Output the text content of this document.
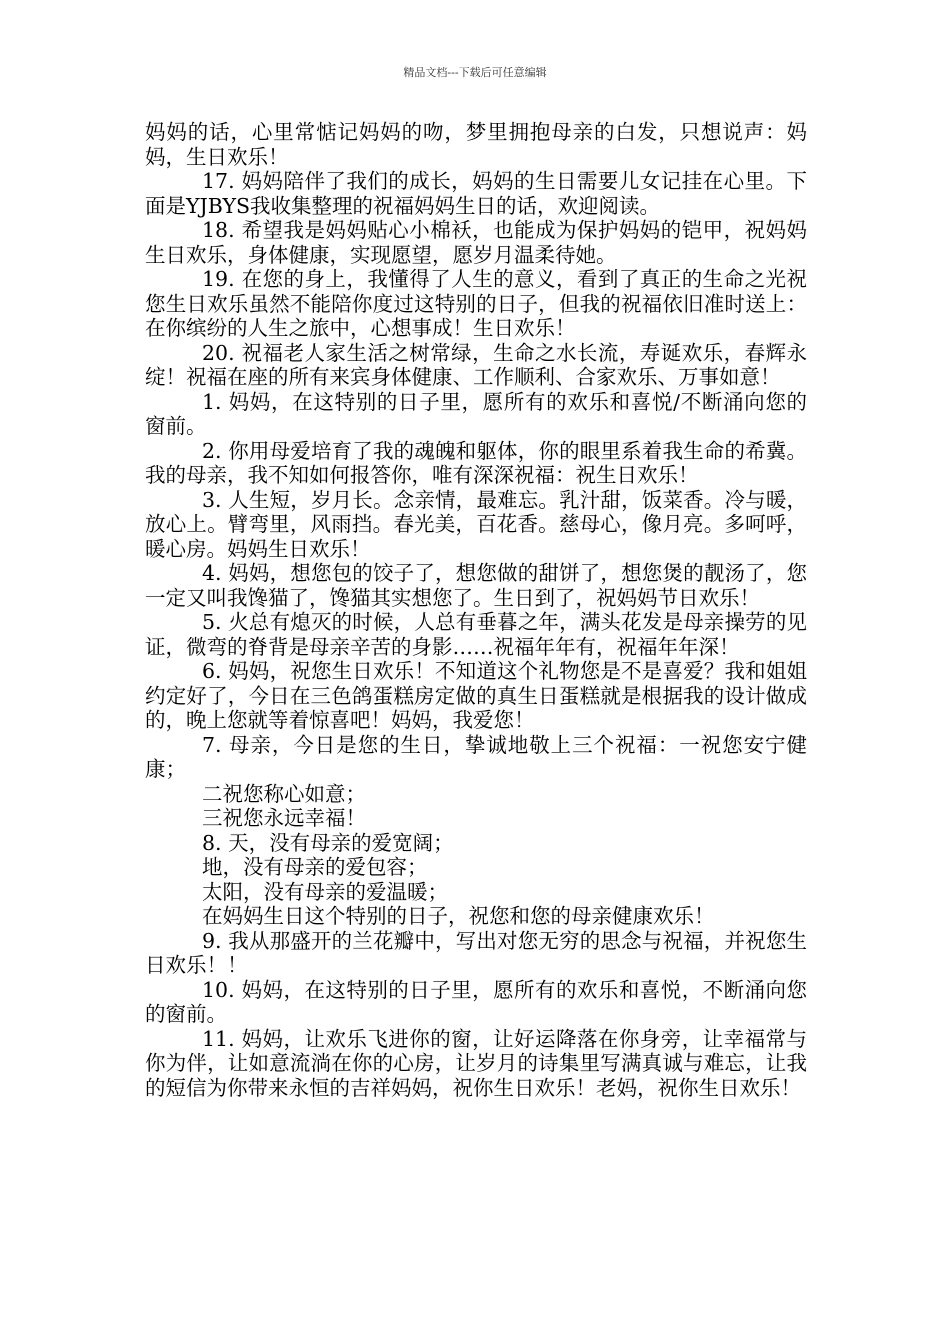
精品文档---下载后可任意编辑

妈妈的话，心里常惦记妈妈的吻，梦里拥抱母亲的白发，只想说声：妈妈，生日欢乐！

17. 妈妈陪伴了我们的成长，妈妈的生日需要儿女记挂在心里。下面是YJBYS我收集整理的祝福妈妈生日的话，欢迎阅读。

18. 希望我是妈妈贴心小棉袄，也能成为保护妈妈的铠甲，祝妈妈生日欢乐，身体健康，实现愿望，愿岁月温柔待她。

19. 在您的身上，我懂得了人生的意义，看到了真正的生命之光祝您生日欢乐虽然不能陪你度过这特别的日子，但我的祝福依旧准时送上：在你缤纷的人生之旅中，心想事成！生日欢乐！

20. 祝福老人家生活之树常绿，生命之水长流，寿诞欢乐，春辉永绽！祝福在座的所有来宾身体健康、工作顺利、合家欢乐、万事如意！

1. 妈妈，在这特别的日子里，愿所有的欢乐和喜悦/不断涌向您的窗前。

2. 你用母爱培育了我的魂魄和躯体，你的眼里系着我生命的希冀。我的母亲，我不知如何报答你，唯有深深祝福：祝生日欢乐！

3. 人生短，岁月长。念亲情，最难忘。乳汁甜，饭菜香。冷与暖，放心上。臂弯里，风雨挡。春光美，百花香。慈母心，像月亮。多呵呼，暖心房。妈妈生日欢乐！

4. 妈妈，想您包的饺子了，想您做的甜饼了，想您煲的靓汤了，您一定又叫我馋猫了，馋猫其实想您了。生日到了，祝妈妈节日欢乐！

5. 火总有熄灭的时候，人总有垂暮之年，满头花发是母亲操劳的见证，微弯的脊背是母亲辛苦的身影……祝福年年有，祝福年年深！

6. 妈妈，祝您生日欢乐！不知道这个礼物您是不是喜爱？我和姐姐约定好了，今日在三色鸽蛋糕房定做的真生日蛋糕就是根据我的设计做成的，晚上您就等着惊喜吧！妈妈，我爱您！

7. 母亲，今日是您的生日，挚诚地敬上三个祝福：一祝您安宁健康；

二祝您称心如意；

三祝您永远幸福！

8. 天，没有母亲的爱宽阔；

地，没有母亲的爱包容；

太阳，没有母亲的爱温暖；

在妈妈生日这个特别的日子，祝您和您的母亲健康欢乐！

9. 我从那盛开的兰花瓣中，写出对您无穷的思念与祝福，并祝您生日欢乐！！

10. 妈妈，在这特别的日子里，愿所有的欢乐和喜悦，不断涌向您的窗前。

11. 妈妈，让欢乐飞进你的窗，让好运降落在你身旁，让幸福常与你为伴，让如意流淌在你的心房，让岁月的诗集里写满真诚与难忘，让我的短信为你带来永恒的吉祥妈妈，祝你生日欢乐！老妈，祝你生日欢乐！
